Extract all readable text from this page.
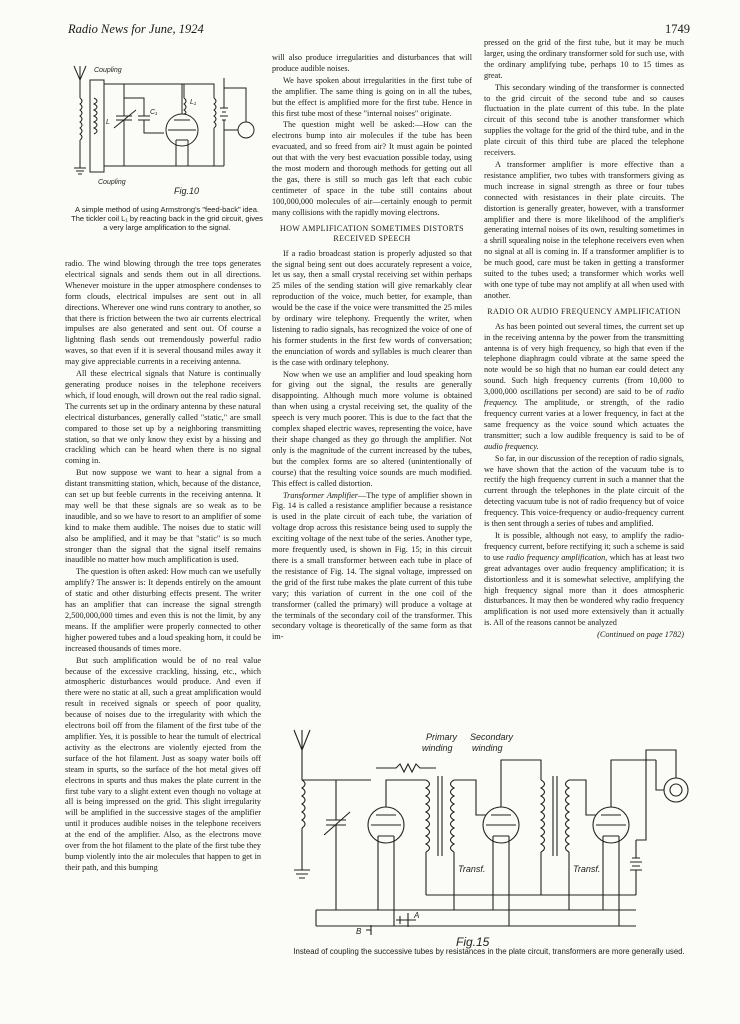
Radio News for June, 1924	1749
Coupling
Coupling
C₁
L₁
L
Fig.10
A simple method of using Armstrong's "feed-back" idea. The tickler coil L₁ by reacting back in the grid circuit, gives a very large amplification to the signal.

radio. The wind blowing through the tree tops generates electrical signals and sends them out in all directions. Whenever moisture in the upper atmosphere condenses to form clouds, electrical impulses are sent out in all directions. Wherever one wind runs contrary to another, so that there is friction between the two air currents electrical impulses are also generated and sent out. Of course a lightning flash sends out tremendously powerful radio waves, so that even if it is several thousand miles away it may give appreciable currents in a receiving antenna.

All these electrical signals that Nature is continually generating produce noises in the telephone receivers which, if loud enough, will drown out the real radio signal. The currents set up in the ordinary antenna by these natural electrical disturbances, generally called "static," are small compared to those set up by a neighboring transmitting station, so that we only know they exist by a hissing and crackling which can be heard when there is no signal coming in.

But now suppose we want to hear a signal from a distant transmitting station, which, because of the distance, can set up but feeble currents in the receiving antenna. It may well be that these signals are so weak as to be inaudible, and so we have to resort to an amplifier of some kind to make them audible. The noises due to static will also be amplified, and it may be that "static" is so much stronger than the signal that the signal itself remains inaudible no matter how much amplification is used.

The question is often asked: How much can we usefully amplify? The answer is: It depends entirely on the amount of static and other disturbing effects present. The writer has an amplifier that can increase the signal strength 2,500,000,000 times and even this is not the limit, by any means. If the amplifier were properly connected to other higher powered tubes and a loud speaking horn, it could be increased thousands of times more.

But such amplification would be of no real value because of the excessive crackling, hissing, etc., which atmospheric disturbances would produce. And even if there were no static at all, such a great amplification would result in received signals or speech of poor quality, because of noises due to the irregularity with which the electrons boil off from the filament of the first tube of the amplifier. Yes, it is possible to hear the tumult of electrical activity as the electrons are violently ejected from the surface of the hot filament. Just as soapy water boils off steam in spurts, so the surface of the hot metal gives off electrons in spurts and thus makes the plate current in the first tube vary to a slight extent even though no voltage at all is being impressed on the grid. This slight irregularity will be amplified in the successive stages of the amplifier until it produces audible noises in the telephone receivers at the end of the amplifier. Also, as the electrons move over from the hot filament to the plate of the first tube they bump violently into the air molecules that happen to get in their path, and this bumping

will also produce irregularities and disturbances that will produce audible noises.

We have spoken about irregularities in the first tube of the amplifier. The same thing is going on in all the tubes, but the effect is amplified more for the first tube. Hence in this first tube most of these "internal noises" originate.

The question might well be asked:—How can the electrons bump into air molecules if the tube has been evacuated, and so freed from air? It must again be pointed out that with the very best evacuation possible today, using the most modern and thorough methods for getting out all the gas, there is still so much gas left that each cubic centimeter of space in the tube still contains about 100,000,000 molecules of air—certainly enough to permit many collisions with the rapidly moving electrons.

HOW AMPLIFICATION SOMETIMES DISTORTS RECEIVED SPEECH

If a radio broadcast station is properly adjusted so that the signal being sent out does accurately represent a voice, let us say, then a small crystal receiving set within perhaps 25 miles of the sending station will give remarkably clear reproduction of the voice, much better, for example, than would be the case if the voice were transmitted the 25 miles by ordinary wire telephony. Frequently the writer, when listening to radio signals, has recognized the voice of one of his former students in the first few words of conversation; the enunciation of words and syllables is much clearer than is the case with ordinary telephony.

Now when we use an amplifier and loud speaking horn for giving out the signal, the results are generally disappointing. Although much more volume is obtained than when using a crystal receiving set, the quality of the speech is very much poorer. This is due to the fact that the complex shaped electric waves, representing the voice, have their shape changed as they go through the amplifier. Not only is the magnitude of the current increased by the tubes, but the complex forms are so altered (unintentionally of course) that the resulting voice sounds are much modified. This effect is called distortion.

Transformer Amplifier—The type of amplifier shown in Fig. 14 is called a resistance amplifier because a resistance is used in the plate circuit of each tube, the variation of voltage drop across this resistance being used to supply the exciting voltage of the next tube of the series. Another type, more frequently used, is shown in Fig. 15; in this circuit there is a small transformer between each tube in place of the resistance of Fig. 14. The signal voltage, impressed on the grid of the first tube makes the plate current of this tube vary; this variation of current in the one coil of the transformer (called the primary) will produce a voltage at the terminals of the secondary coil of the transformer. This secondary voltage is theoretically of the same form as that im-

pressed on the grid of the first tube, but it may be much larger, using the ordinary transformer sold for such use, with the ordinary amplifying tube, perhaps 10 to 15 times as great.

This secondary winding of the transformer is connected to the grid circuit of the second tube and so causes fluctuation in the plate current of this tube. In the plate circuit of this second tube is another transformer which supplies the voltage for the grid of the third tube, and in the plate circuit of this third tube are placed the telephone receivers.

A transformer amplifier is more effective than a resistance amplifier, two tubes with transformers giving as much increase in signal strength as three or four tubes connected with resistances in their plate circuits. The distortion is generally greater, however, with a transformer amplifier and there is more likelihood of the amplifier's generating internal noises of its own, resulting sometimes in a shrill squealing noise in the telephone receivers even when no signal at all is coming in. If a transformer amplifier is to be much good, care must be taken in getting a transformer suited to the tubes used; a transformer which works well with one type of tube may not amplify at all when used with another.

RADIO OR AUDIO FREQUENCY AMPLIFICATION

As has been pointed out several times, the current set up in the receiving antenna by the power from the transmitting antenna is of very high frequency, so high that even if the telephone diaphragm could vibrate at the same speed the note would be so high that no human ear could detect any sound. Such high frequency currents (from 10,000 to 3,000,000 oscillations per second) are said to be of radio frequency. The amplitude, or strength, of the radio frequency current varies at a lower frequency, in fact at the same frequency as the voice sound which actuates the transmitter; such a low audible frequency is said to be of audio frequency.

So far, in our discussion of the reception of radio signals, we have shown that the action of the vacuum tube is to rectify the high frequency current in such a manner that the current through the telephones in the plate circuit of the detecting vacuum tube is not of radio frequency but of voice frequency. This voice-frequency or audio-frequency current is then sent through a series of tubes and amplified.

It is possible, although not easy, to amplify the radio-frequency current, before rectifying it; such a scheme is said to use radio frequency amplification, which has at least two great advantages over audio frequency amplification; it is distortionless and it is somewhat selective, amplifying the high frequency signal more than it does atmospheric disturbances. It may then be wondered why radio frequency amplification is not used more extensively than it actually is. All of the reasons cannot be analyzed

(Continued on page 1782)

Primary
winding
Secondary
winding
Transf.	Transf.
A
B
Fig.15
Instead of coupling the successive tubes by resistances in the plate circuit, transformers are more generally used.
